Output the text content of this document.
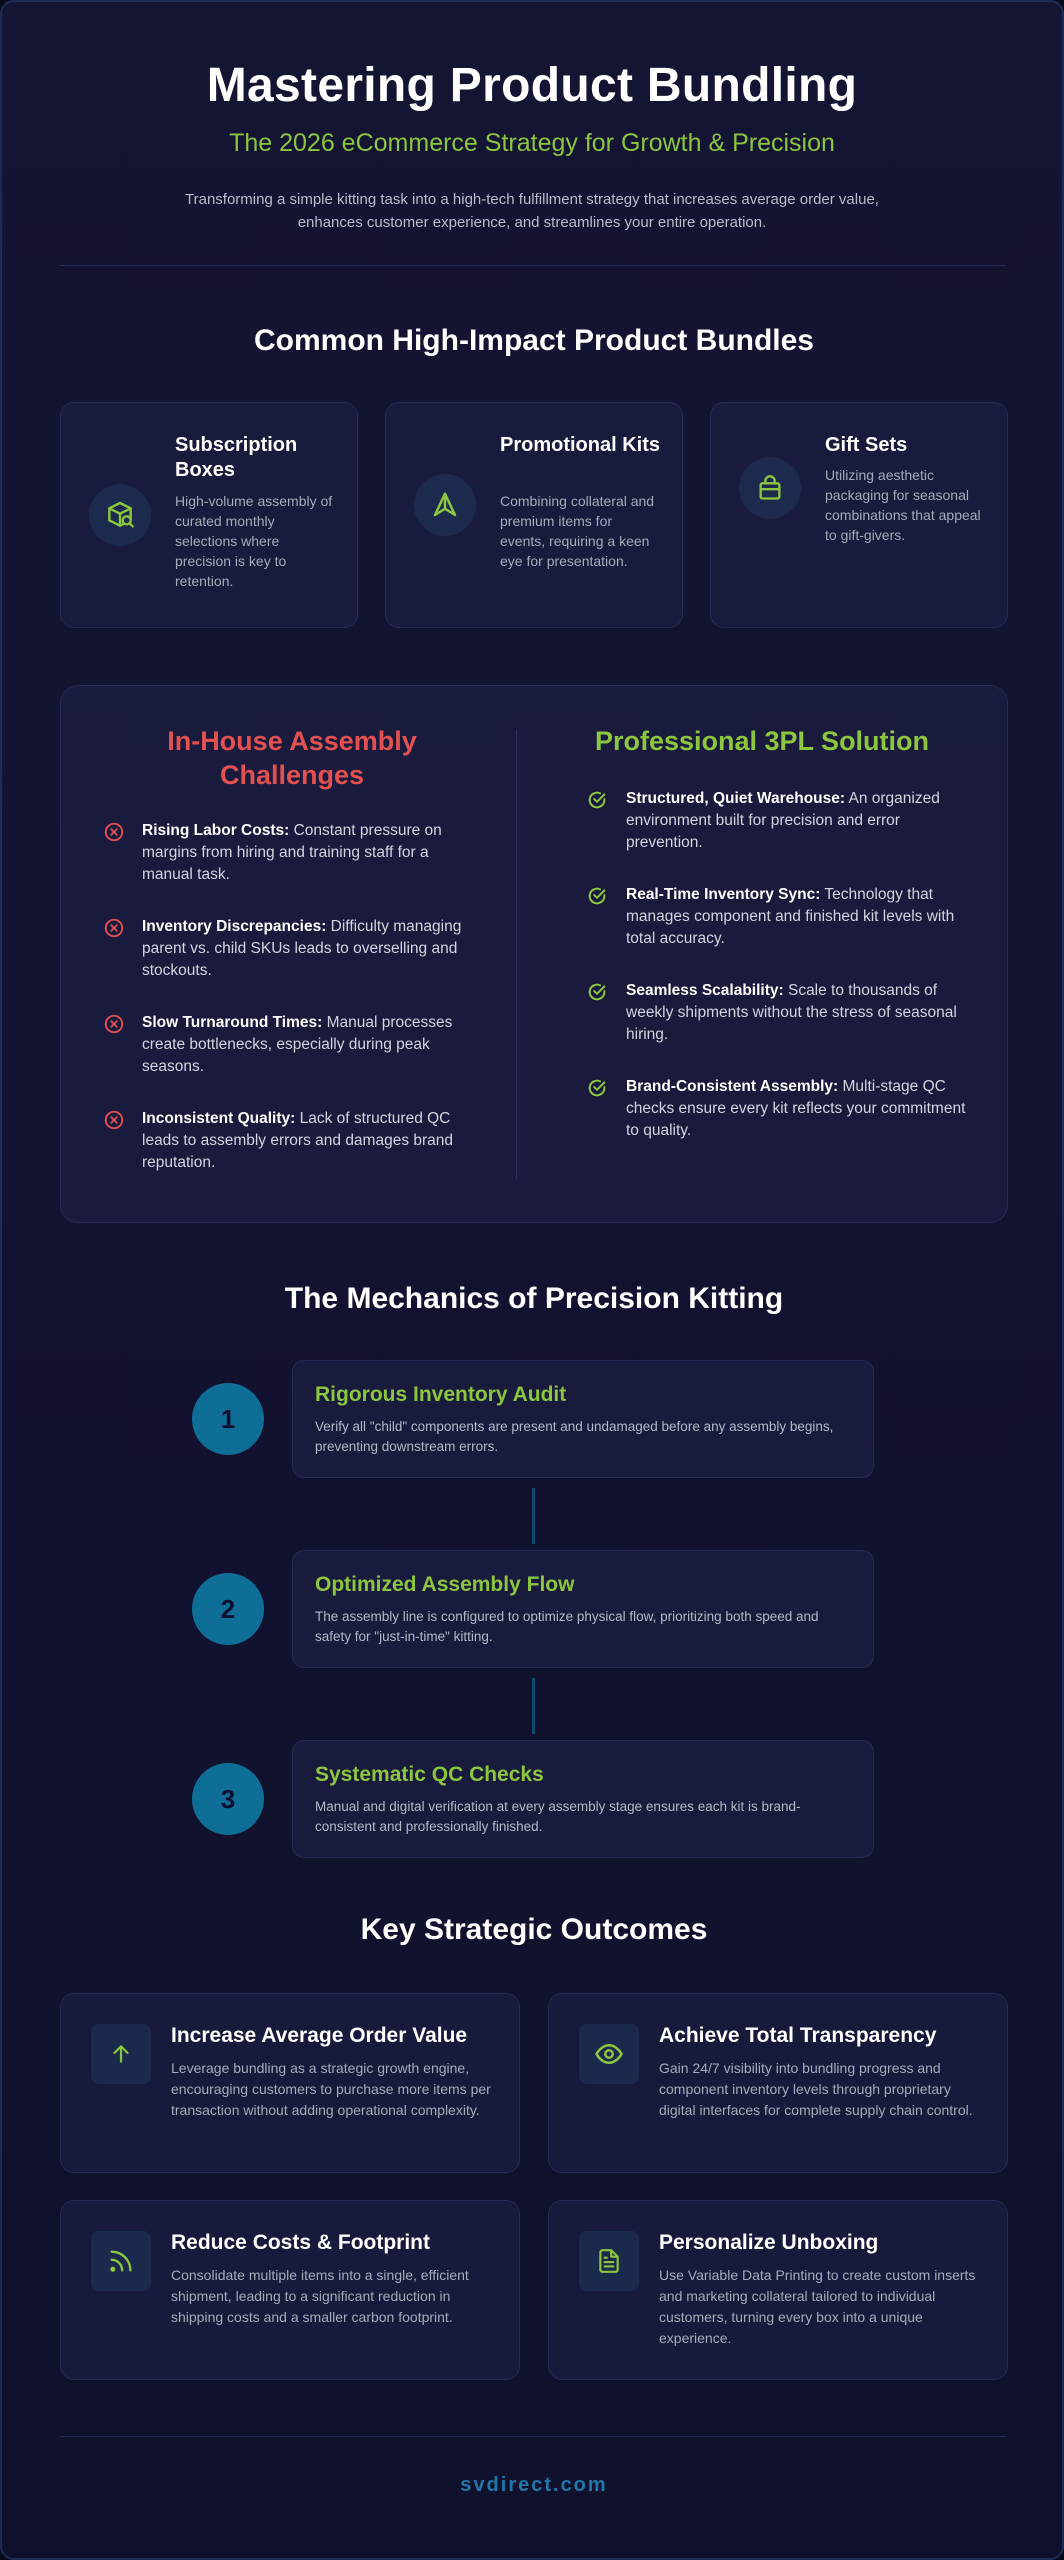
Mastering Product Bundling
The 2026 eCommerce Strategy for Growth & Precision
Transforming a simple kitting task into a high-tech fulfillment strategy that increases average order value, enhances customer experience, and streamlines your entire operation.
Common High-Impact Product Bundles
Subscription Boxes
High-volume assembly of curated monthly selections where precision is key to retention.
Promotional Kits
Combining collateral and premium items for events, requiring a keen eye for presentation.
Gift Sets
Utilizing aesthetic packaging for seasonal combinations that appeal to gift-givers.
In-House Assembly Challenges
Professional 3PL Solution
Rising Labor Costs: Constant pressure on margins from hiring and training staff for a manual task.
Inventory Discrepancies: Difficulty managing parent vs. child SKUs leads to overselling and stockouts.
Slow Turnaround Times: Manual processes create bottlenecks, especially during peak seasons.
Inconsistent Quality: Lack of structured QC leads to assembly errors and damages brand reputation.
Structured, Quiet Warehouse: An organized environment built for precision and error prevention.
Real-Time Inventory Sync: Technology that manages component and finished kit levels with total accuracy.
Seamless Scalability: Scale to thousands of weekly shipments without the stress of seasonal hiring.
Brand-Consistent Assembly: Multi-stage QC checks ensure every kit reflects your commitment to quality.
The Mechanics of Precision Kitting
1
Rigorous Inventory Audit
Verify all "child" components are present and undamaged before any assembly begins, preventing downstream errors.
2
Optimized Assembly Flow
The assembly line is configured to optimize physical flow, prioritizing both speed and safety for "just-in-time" kitting.
3
Systematic QC Checks
Manual and digital verification at every assembly stage ensures each kit is brand-consistent and professionally finished.
Key Strategic Outcomes
Increase Average Order Value
Leverage bundling as a strategic growth engine, encouraging customers to purchase more items per transaction without adding operational complexity.
Achieve Total Transparency
Gain 24/7 visibility into bundling progress and component inventory levels through proprietary digital interfaces for complete supply chain control.
Reduce Costs & Footprint
Consolidate multiple items into a single, efficient shipment, leading to a significant reduction in shipping costs and a smaller carbon footprint.
Personalize Unboxing
Use Variable Data Printing to create custom inserts and marketing collateral tailored to individual customers, turning every box into a unique experience.
svdirect.com
